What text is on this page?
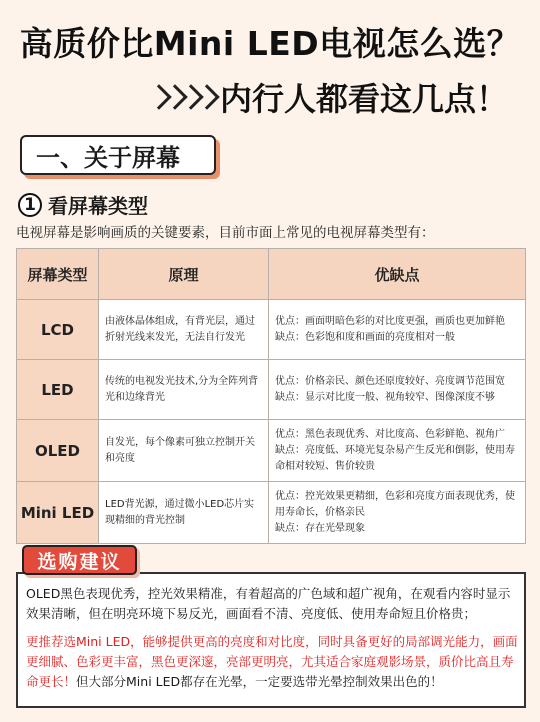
高质价比Mini LED电视怎么选？
内行人都看这几点！
一、关于屏幕
1 看屏幕类型
电视屏幕是影响画质的关键要素，目前市面上常见的电视屏幕类型有：
屏幕类型	原理	优缺点
LCD	由液体晶体组成，有背光层，通过折射光线来发光，无法自行发光	优点：画面明暗色彩的对比度更强，画质也更加鲜艳
缺点：色彩饱和度和画面的亮度相对一般

LED	传统的电视发光技术,分为全阵列背光和边缘背光	优点：价格亲民、颜色还原度较好、亮度调节范围宽
缺点：显示对比度一般、视角较窄、图像深度不够

OLED	自发光，每个像素可独立控制开关和亮度	优点：黑色表现优秀、对比度高、色彩鲜艳、视角广
缺点：亮度低、环境光复杂易产生反光和倒影，使用寿命相对较短、售价较贵

Mini LED	LED背光源，通过微小LED芯片实现精细的背光控制	优点：控光效果更精细，色彩和亮度方面表现优秀，使用寿命长，价格亲民
缺点：存在光晕现象

OLED黑色表现优秀，控光效果精准，有着超高的广色域和超广视角，在观看内容时显示效果清晰，但在明亮环境下易反光，画面看不清、亮度低、使用寿命短且价格贵；

更推荐选Mini LED，能够提供更高的亮度和对比度，同时具备更好的局部调光能力，画面更细腻、色彩更丰富，黑色更深邃，亮部更明亮，尤其适合家庭观影场景，质价比高且寿命更长！但大部分Mini LED都存在光晕，一定要选带光晕控制效果出色的！

选购建议
